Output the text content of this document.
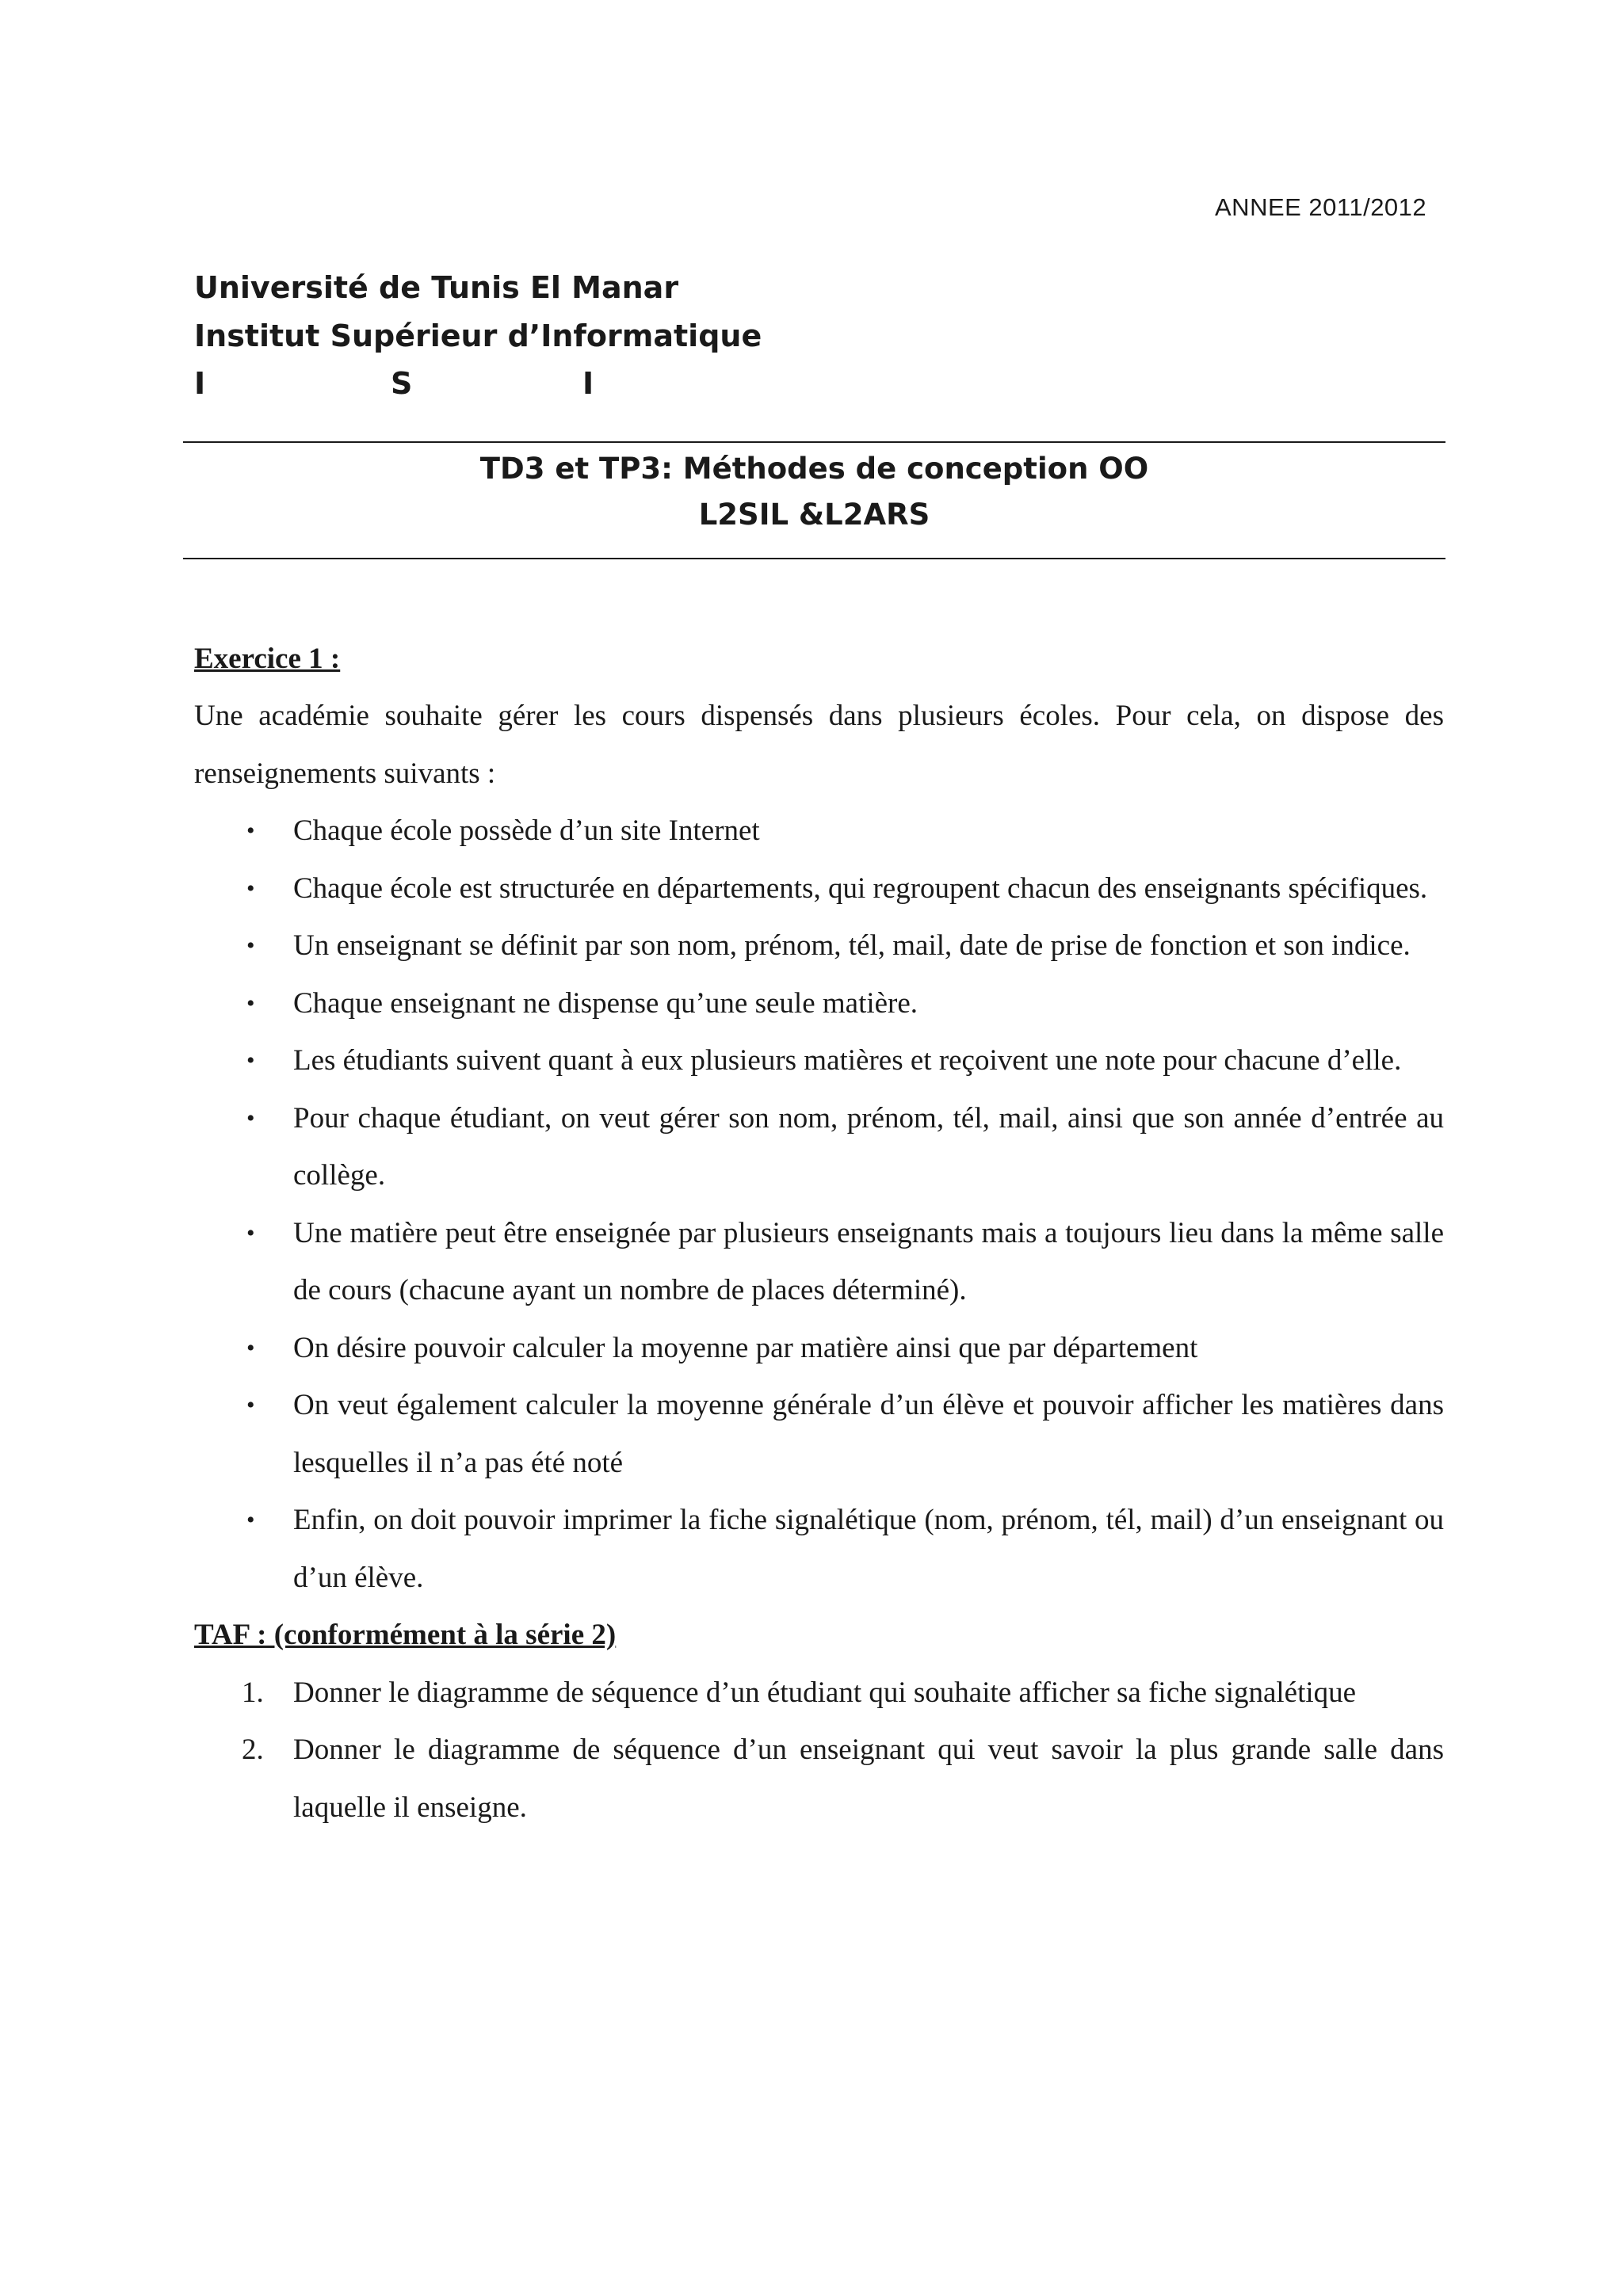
ANNEE 2011/2012
Université de Tunis El Manar
Institut Supérieur d’Informatique
I	S	I
TD3 et TP3: Méthodes de conception OO
L2SIL &L2ARS
Exercice 1 :

Une académie souhaite gérer les cours dispensés dans plusieurs écoles. Pour cela, on dispose des renseignements suivants :

• Chaque école possède d’un site Internet
• Chaque école est structurée en départements, qui regroupent chacun des enseignants spécifiques.
• Un enseignant se définit par son nom, prénom, tél, mail, date de prise de fonction et son indice.
• Chaque enseignant ne dispense qu’une seule matière.
• Les étudiants suivent quant à eux plusieurs matières et reçoivent une note pour chacune d’elle.
• Pour chaque étudiant, on veut gérer son nom, prénom, tél, mail, ainsi que son année d’entrée au collège.
• Une matière peut être enseignée par plusieurs enseignants mais a toujours lieu dans la même salle de cours (chacune ayant un nombre de places déterminé).
• On désire pouvoir calculer la moyenne par matière ainsi que par département
• On veut également calculer la moyenne générale d’un élève et pouvoir afficher les matières dans lesquelles il n’a pas été noté
• Enfin, on doit pouvoir imprimer la fiche signalétique (nom, prénom, tél, mail) d’un enseignant ou d’un élève.
TAF : (conformément à la série 2)
1. Donner le diagramme de séquence d’un étudiant qui souhaite afficher sa fiche signalétique
2. Donner le diagramme de séquence d’un enseignant qui veut savoir la plus grande salle dans laquelle il enseigne.
